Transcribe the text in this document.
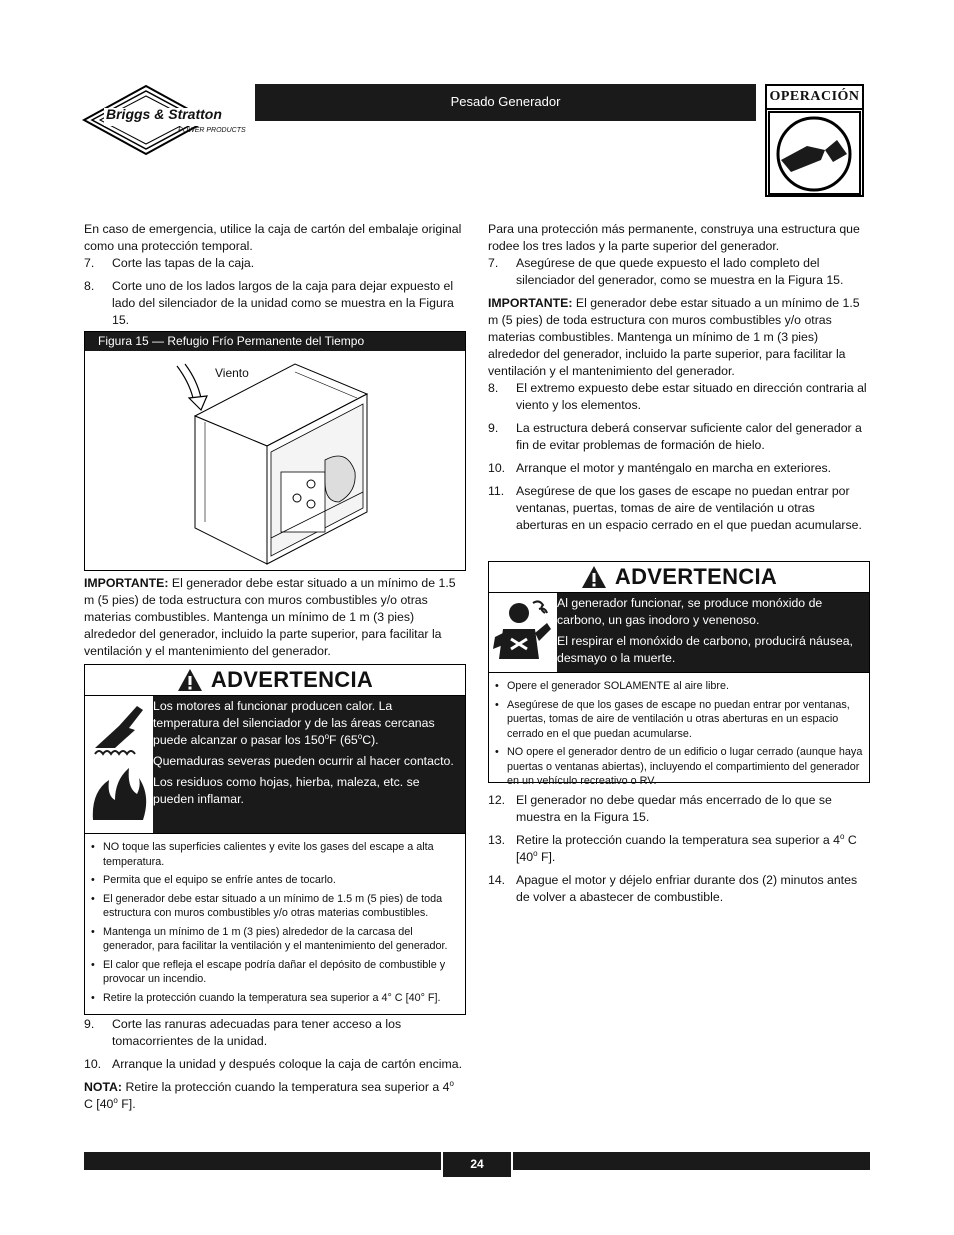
Briggs & Stratton
POWER PRODUCTS
Pesado Generador	OPERACIÓN
En caso de emergencia, utilice la caja de cartón del embalaje original como una protección temporal.
7.	Corte las tapas de la caja.
8.	Corte uno de los lados largos de la caja para dejar expuesto el lado del silenciador de la unidad como se muestra en la Figura 15.
Figura 15 — Refugio Frío Permanente del Tiempo
Viento
IMPORTANTE: El generador debe estar situado a un mínimo de 1.5 m (5 pies) de toda estructura con muros combustibles y/o otras materias combustibles. Mantenga un mínimo de 1 m (3 pies) alrededor del generador, incluido la parte superior, para facilitar la ventilación y el mantenimiento del generador.
ADVERTENCIA
Los motores al funcionar producen calor. La temperatura del silenciador y de las áreas cercanas puede alcanzar o pasar los 150$^o$F (65$^o$C).
Quemaduras severas pueden ocurrir al hacer contacto.
Los residuos como hojas, hierba, maleza, etc. se pueden inflamar.
• NO toque las superficies calientes y evite los gases del escape a alta temperatura.
• Permita que el equipo se enfríe antes de tocarlo.
• El generador debe estar situado a un mínimo de 1.5 m (5 pies) de toda estructura con muros combustibles y/o otras materias combustibles.
• Mantenga un mínimo de 1 m (3 pies) alrededor de la carcasa del generador, para facilitar la ventilación y el mantenimiento del generador.
• El calor que refleja el escape podría dañar el depósito de combustible y provocar un incendio.
• Retire la protección cuando la temperatura sea superior a 4° C [40° F].
9.	Corte las ranuras adecuadas para tener acceso a los tomacorrientes de la unidad.
10. Arranque la unidad y después coloque la caja de cartón encima.
NOTA: Retire la protección cuando la temperatura sea superior a 4$^o$ C [40$^o$ F].
Para una protección más permanente, construya una estructura que rodee los tres lados y la parte superior del generador.
7.	Asegúrese de que quede expuesto el lado completo del silenciador del generador, como se muestra en la Figura 15.
IMPORTANTE: El generador debe estar situado a un mínimo de 1.5 m (5 pies) de toda estructura con muros combustibles y/o otras materias combustibles. Mantenga un mínimo de 1 m (3 pies) alrededor del generador, incluido la parte superior, para facilitar la ventilación y el mantenimiento del generador.
8.	El extremo expuesto debe estar situado en dirección contraria al viento y los elementos.
9.	La estructura deberá conservar suficiente calor del generador a fin de evitar problemas de formación de hielo.
10. Arranque el motor y manténgalo en marcha en exteriores.
11. Asegúrese de que los gases de escape no puedan entrar por ventanas, puertas, tomas de aire de ventilación u otras aberturas en un espacio cerrado en el que puedan acumularse.
ADVERTENCIA
Al generador funcionar, se produce monóxido de carbono, un gas inodoro y venenoso.
El respirar el monóxido de carbono, producirá náusea, desmayo o la muerte.
• Opere el generador SOLAMENTE al aire libre.
• Asegúrese de que los gases de escape no puedan entrar por ventanas, puertas, tomas de aire de ventilación u otras aberturas en un espacio cerrado en el que puedan acumularse.
• NO opere el generador dentro de un edificio o lugar cerrado (aunque haya puertas o ventanas abiertas), incluyendo el compartimiento del generador en un vehículo recreativo o RV.
12. El generador no debe quedar más encerrado de lo que se muestra en la Figura 15.
13. Retire la protección cuando la temperatura sea superior a 4$^o$ C [40$^o$ F].
14. Apague el motor y déjelo enfriar durante dos (2) minutos antes de volver a abastecer de combustible.
24
